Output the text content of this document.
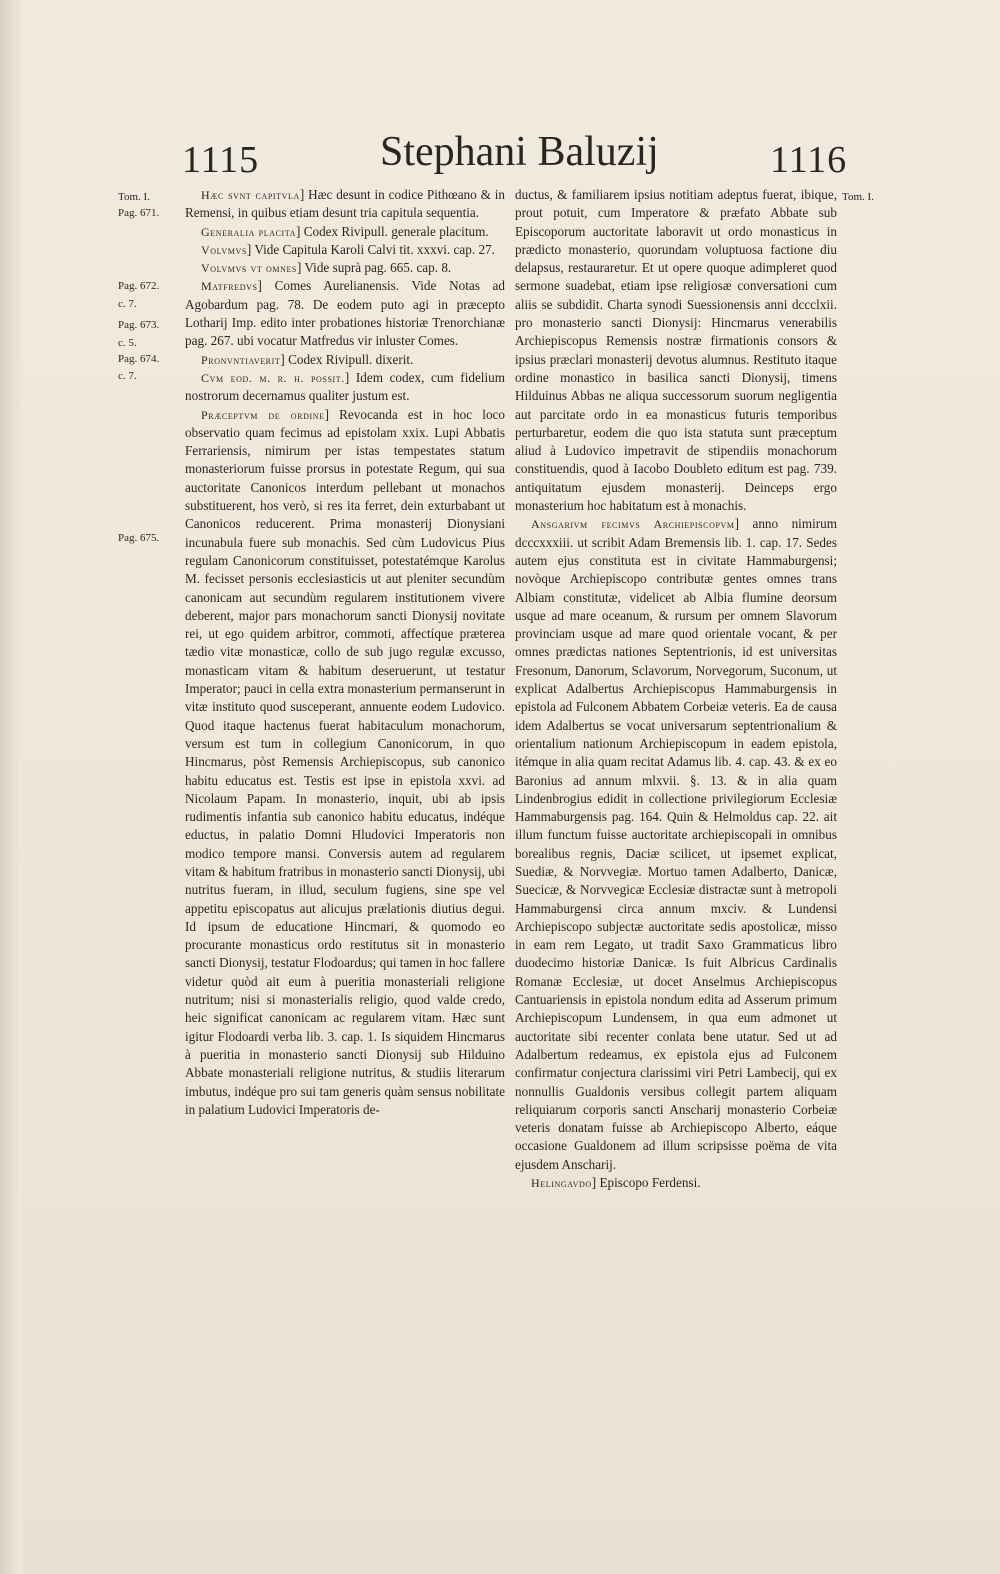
1115	Stephani Baluzij	1116
Tom. I.
Pag. 671.
Pag. 672.
c. 7.
Pag. 673.
c. 5.
Pag. 674.
c. 7.
Pag. 675.
Tom. I.

Hæc svnt capitvla] Hæc desunt in codice Pithœano & in Remensi, in quibus etiam desunt tria capitula sequentia.

Generalia placita] Codex Rivipull. generale placitum.

Volvmvs] Vide Capitula Karoli Calvi tit. xxxvi. cap. 27.

Volvmvs vt omnes] Vide suprà pag. 665. cap. 8.

Matfredvs] Comes Aurelianensis. Vide Notas ad Agobardum pag. 78. De eodem puto agi in præcepto Lotharij Imp. edito inter probationes historiæ Trenorchianæ pag. 267. ubi vocatur Matfredus vir inluster Comes.

Pronvntiaverit] Codex Rivipull. dixerit.

Cvm eod. m. r. h. possit.] Idem codex, cum fidelium nostrorum decernamus qualiter justum est.

Præceptvm de ordine] Revocanda est in hoc loco observatio quam fecimus ad epistolam xxix. Lupi Abbatis Ferrariensis, nimirum per istas tempestates statum monasteriorum fuisse prorsus in potestate Regum, qui sua auctoritate Canonicos interdum pellebant ut monachos substituerent, hos verò, si res ita ferret, dein exturbabant ut Canonicos reducerent. Prima monasterij Dionysiani incunabula fuere sub monachis. Sed cùm Ludovicus Pius regulam Canonicorum constituisset, potestatémque Karolus M. fecisset personis ecclesiasticis ut aut pleniter secundùm canonicam aut secundùm regularem institutionem vivere deberent, major pars monachorum sancti Dionysij novitate rei, ut ego quidem arbitror, commoti, affectíque præterea tædio vitæ monasticæ, collo de sub jugo regulæ excusso, monasticam vitam & habitum deseruerunt, ut testatur Imperator; pauci in cella extra monasterium permanserunt in vitæ instituto quod susceperant, annuente eodem Ludovico. Quod itaque hactenus fuerat habitaculum monachorum, versum est tum in collegium Canonicorum, in quo Hincmarus, pòst Remensis Archiepiscopus, sub canonico habitu educatus est. Testis est ipse in epistola xxvi. ad Nicolaum Papam. In monasterio, inquit, ubi ab ipsis rudimentis infantia sub canonico habitu educatus, indéque eductus, in palatio Domni Hludovici Imperatoris non modico tempore mansi. Conversis autem ad regularem vitam & habitum fratribus in monasterio sancti Dionysij, ubi nutritus fueram, in illud, seculum fugiens, sine spe vel appetitu episcopatus aut alicujus prælationis diutius degui. Id ipsum de educatione Hincmari, & quomodo eo procurante monasticus ordo restitutus sit in monasterio sancti Dionysij, testatur Flodoardus; qui tamen in hoc fallere videtur quòd ait eum à pueritia monasteriali religione nutritum; nisi si monasterialis religio, quod valde credo, heic significat canonicam ac regularem vitam. Hæc sunt igitur Flodoardi verba lib. 3. cap. 1. Is siquidem Hincmarus à pueritia in monasterio sancti Dionysij sub Hilduino Abbate monasteriali religione nutritus, & studiis literarum imbutus, indéque pro sui tam generis quàm sensus nobilitate in palatium Ludovici Imperatoris de-

ductus, & familiarem ipsius notitiam adeptus fuerat, ibique, prout potuit, cum Imperatore & præfato Abbate sub Episcoporum auctoritate laboravit ut ordo monasticus in prædicto monasterio, quorundam voluptuosa factione diu delapsus, restauraretur. Et ut opere quoque adimpleret quod sermone suadebat, etiam ipse religiosæ conversationi cum aliis se subdidit. Charta synodi Suessionensis anni dccclxii. pro monasterio sancti Dionysij: Hincmarus venerabilis Archiepiscopus Remensis nostræ firmationis consors & ipsius præclari monasterij devotus alumnus. Restituto itaque ordine monastico in basilica sancti Dionysij, timens Hilduinus Abbas ne aliqua successorum suorum negligentia aut parcitate ordo in ea monasticus futuris temporibus perturbaretur, eodem die quo ista statuta sunt præceptum aliud à Ludovico impetravit de stipendiis monachorum constituendis, quod à Iacobo Doubleto editum est pag. 739. antiquitatum ejusdem monasterij. Deinceps ergo monasterium hoc habitatum est à monachis.

Ansgarivm fecimvs Archiepiscopvm] anno nimirum dcccxxxiii. ut scribit Adam Bremensis lib. 1. cap. 17. Sedes autem ejus constituta est in civitate Hammaburgensi; novòque Archiepiscopo contributæ gentes omnes trans Albiam constitutæ, videlicet ab Albia flumine deorsum usque ad mare oceanum, & rursum per omnem Slavorum provinciam usque ad mare quod orientale vocant, & per omnes prædictas nationes Septentrionis, id est universitas Fresonum, Danorum, Sclavorum, Norvegorum, Suconum, ut explicat Adalbertus Archiepiscopus Hammaburgensis in epistola ad Fulconem Abbatem Corbeiæ veteris. Ea de causa idem Adalbertus se vocat universarum septentrionalium & orientalium nationum Archiepiscopum in eadem epistola, itémque in alia quam recitat Adamus lib. 4. cap. 43. & ex eo Baronius ad annum mlxvii. §. 13. & in alia quam Lindenbrogius edidit in collectione privilegiorum Ecclesiæ Hammaburgensis pag. 164. Quin & Helmoldus cap. 22. ait illum functum fuisse auctoritate archiepiscopali in omnibus borealibus regnis, Daciæ scilicet, ut ipsemet explicat, Suediæ, & Norvvegiæ. Mortuo tamen Adalberto, Danicæ, Suecicæ, & Norvvegicæ Ecclesiæ distractæ sunt à metropoli Hammaburgensi circa annum mxciv. & Lundensi Archiepiscopo subjectæ auctoritate sedis apostolicæ, misso in eam rem Legato, ut tradit Saxo Grammaticus libro duodecimo historiæ Danicæ. Is fuit Albricus Cardinalis Romanæ Ecclesiæ, ut docet Anselmus Archiepiscopus Cantuariensis in epistola nondum edita ad Asserum primum Archiepiscopum Lundensem, in qua eum admonet ut auctoritate sibi recenter conlata bene utatur. Sed ut ad Adalbertum redeamus, ex epistola ejus ad Fulconem confirmatur conjectura clarissimi viri Petri Lambecij, qui ex nonnullis Gualdonis versibus collegit partem aliquam reliquiarum corporis sancti Anscharij monasterio Corbeiæ veteris donatam fuisse ab Archiepiscopo Alberto, eáque occasione Gualdonem ad illum scripsisse poëma de vita ejusdem Anscharij.

Helingavdo] Episcopo Ferdensi.
